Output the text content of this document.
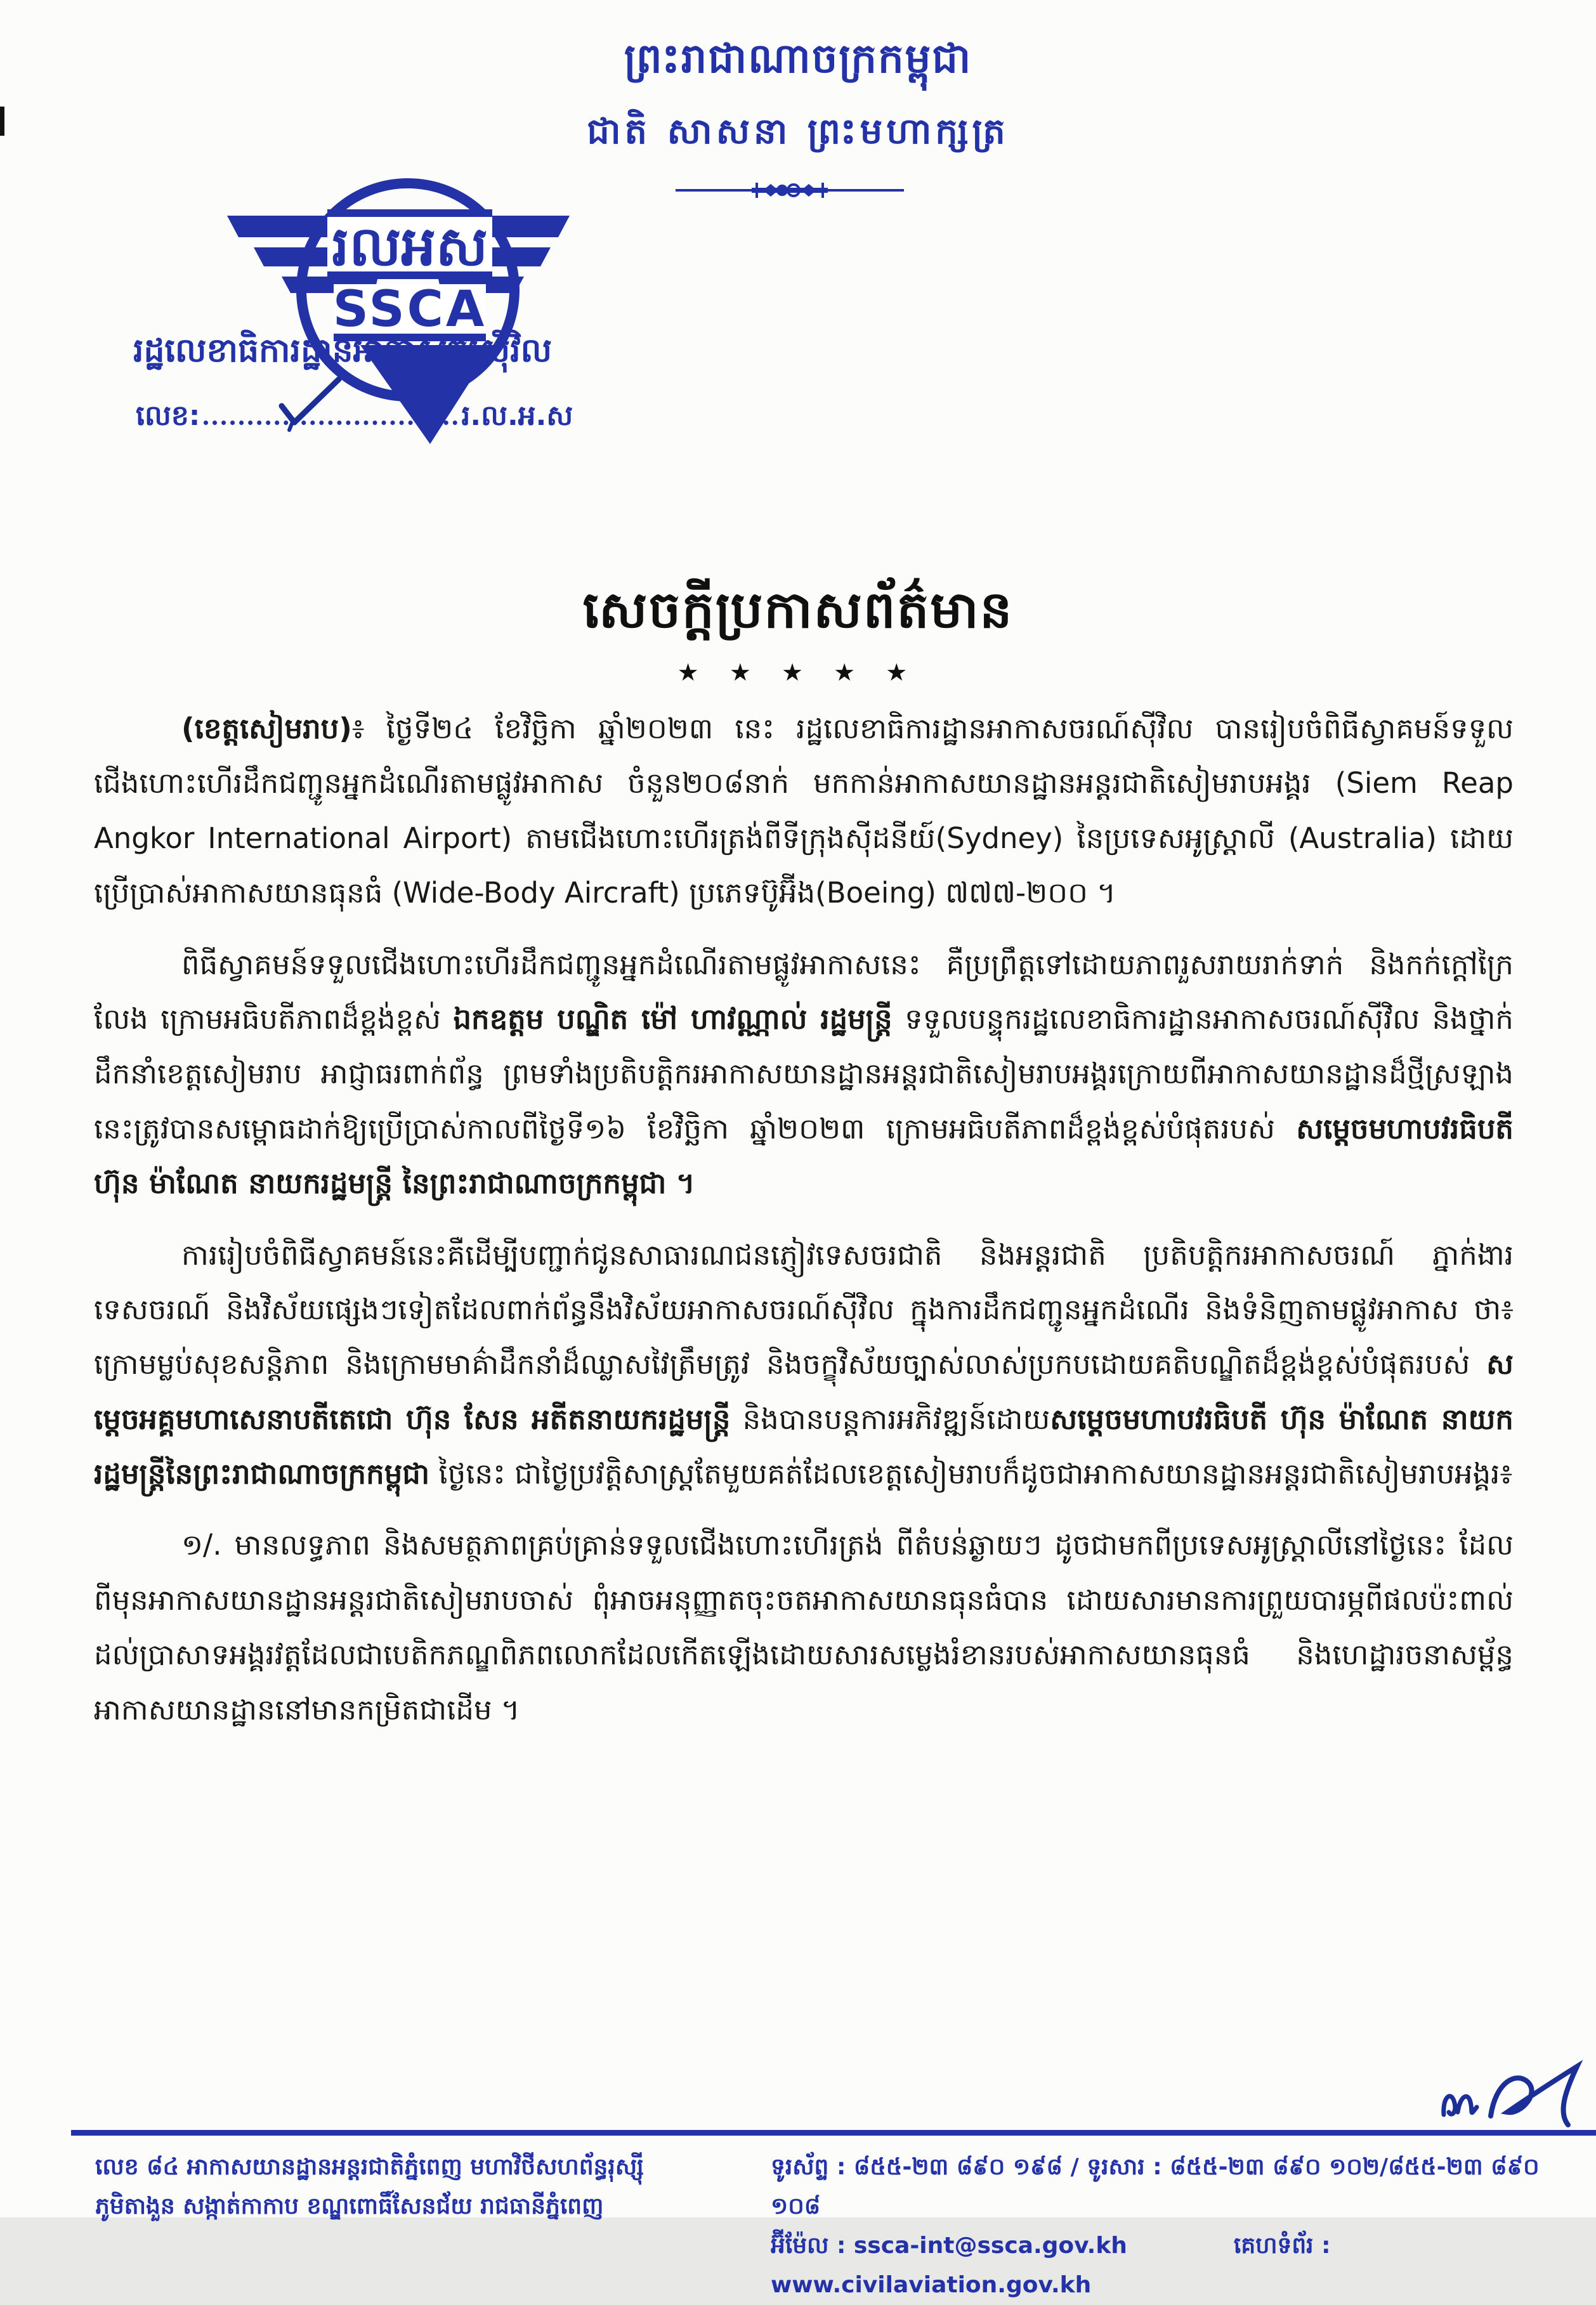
ព្រះរាជាណាចក្រកម្ពុជា
ជាតិ សាសនា ព្រះមហាក្សត្រ
រលអស
SSCA
រដ្ឋលេខាធិការដ្ឋានអាកាសចរស៊ីវិល
លេខ:	រ.ល.អ.ស
សេចក្តីប្រកាសព័ត៌មាន
★ ★ ★ ★ ★

(ខេត្តសៀមរាប)៖ ថ្ងៃទី២៤ ខែវិច្ឆិកា ឆ្នាំ២០២៣ នេះ រដ្ឋលេខាធិការដ្ឋានអាកាសចរណ៍ស៊ីវិល បានរៀបចំពិធីស្វាគមន៍ទទួលជើងហោះហើរដឹកជញ្ជូនអ្នកដំណើរតាមផ្លូវអាកាស ចំនួន២០៨នាក់ មកកាន់អាកាសយានដ្ឋានអន្តរជាតិសៀមរាបអង្គរ (Siem Reap Angkor International Airport) តាមជើងហោះហើរត្រង់ពីទីក្រុងស៊ីដនីយ៍(Sydney) នៃប្រទេសអូស្ត្រាលី (Australia) ដោយប្រើប្រាស់អាកាសយានធុនធំ (Wide-Body Aircraft) ប្រភេទប៊ូអ៊ីង(Boeing) ៧៧៧-២០០ ។

ពិធីស្វាគមន៍ទទួលជើងហោះហើរដឹកជញ្ជូនអ្នកដំណើរតាមផ្លូវអាកាសនេះ គឺប្រព្រឹត្តទៅដោយភាពរួសរាយរាក់ទាក់ និងកក់ក្តៅក្រៃលែង ក្រោមអធិបតីភាពដ៏ខ្ពង់ខ្ពស់ ឯកឧត្តម បណ្ឌិត ម៉ៅ ហាវណ្ណាល់ រដ្ឋមន្ត្រី ទទួលបន្ទុករដ្ឋលេខាធិការដ្ឋានអាកាសចរណ៍ស៊ីវិល និងថ្នាក់ដឹកនាំខេត្តសៀមរាប អាជ្ញាធរពាក់ព័ន្ធ ព្រមទាំងប្រតិបត្តិករអាកាសយានដ្ឋានអន្តរជាតិសៀមរាបអង្គរក្រោយពីអាកាសយានដ្ឋានដ៏ថ្មីស្រឡាងនេះត្រូវបានសម្ពោធដាក់ឱ្យប្រើប្រាស់កាលពីថ្ងៃទី១៦ ខែវិច្ឆិកា ឆ្នាំ២០២៣ ក្រោមអធិបតីភាពដ៏ខ្ពង់ខ្ពស់បំផុតរបស់ សម្តេចមហាបវរធិបតី ហ៊ុន ម៉ាណែត នាយករដ្ឋមន្ត្រី នៃព្រះរាជាណាចក្រកម្ពុជា ។

ការរៀបចំពិធីស្វាគមន៍នេះគឺដើម្បីបញ្ជាក់ជូនសាធារណជនភ្ញៀវទេសចរជាតិ និងអន្តរជាតិ ប្រតិបត្តិករអាកាសចរណ៍ ភ្នាក់ងារទេសចរណ៍ និងវិស័យផ្សេងៗទៀតដែលពាក់ព័ន្ធនឹងវិស័យអាកាសចរណ៍ស៊ីវិល ក្នុងការដឹកជញ្ជូនអ្នកដំណើរ និងទំនិញតាមផ្លូវអាកាស ថា៖ ក្រោមម្លប់សុខសន្តិភាព និងក្រោមមាគ៌ាដឹកនាំដ៏ឈ្លាសវៃត្រឹមត្រូវ និងចក្ខុវិស័យច្បាស់លាស់ប្រកបដោយគតិបណ្ឌិតដ៏ខ្ពង់ខ្ពស់បំផុតរបស់ សម្តេចអគ្គមហាសេនាបតីតេជោ ហ៊ុន សែន អតីតនាយករដ្ឋមន្ត្រី និងបានបន្តការអភិវឌ្ឍន៍ដោយសម្តេចមហាបវរធិបតី ហ៊ុន ម៉ាណែត នាយករដ្ឋមន្ត្រីនៃព្រះរាជាណាចក្រកម្ពុជា ថ្ងៃនេះ ជាថ្ងៃប្រវត្តិសាស្ត្រតែមួយគត់ដែលខេត្តសៀមរាបក៏ដូចជាអាកាសយានដ្ឋានអន្តរជាតិសៀមរាបអង្គរ៖

១/. មានលទ្ធភាព និងសមត្ថភាពគ្រប់គ្រាន់ទទួលជើងហោះហើរត្រង់ ពីតំបន់ឆ្ងាយៗ ដូចជាមកពីប្រទេសអូស្ត្រាលីនៅថ្ងៃនេះ ដែលពីមុនអាកាសយានដ្ឋានអន្តរជាតិសៀមរាបចាស់ ពុំអាចអនុញ្ញាតចុះចតអាកាសយានធុនធំបាន ដោយសារមានការព្រួយបារម្ភពីផលប៉ះពាល់ដល់ប្រាសាទអង្គរវត្តដែលជាបេតិកភណ្ឌពិភពលោកដែលកើតឡើងដោយសារសម្លេងរំខានរបស់អាកាសយានធុនធំ និងហេដ្ឋារចនាសម្ព័ន្ធអាកាសយានដ្ឋាននៅមានកម្រិតជាដើម ។

លេខ ៨៤ អាកាសយានដ្ឋានអន្តរជាតិភ្នំពេញ មហាវិថីសហព័ន្ធរុស្ស៊ី
ភូមិតាងួន សង្កាត់កាកាប ខណ្ឌពោធិ៍សែនជ័យ រាជធានីភ្នំពេញ
ទូរស័ព្ទ : ៨៥៥-២៣ ៨៩០ ១៩៨ / ទូរសារ : ៨៥៥-២៣ ៨៩០ ១០២/៨៥៥-២៣ ៨៩០ ១០៨
អ៊ីម៉ែល : ssca-int@ssca.gov.kh	គេហទំព័រ : www.civilaviation.gov.kh
